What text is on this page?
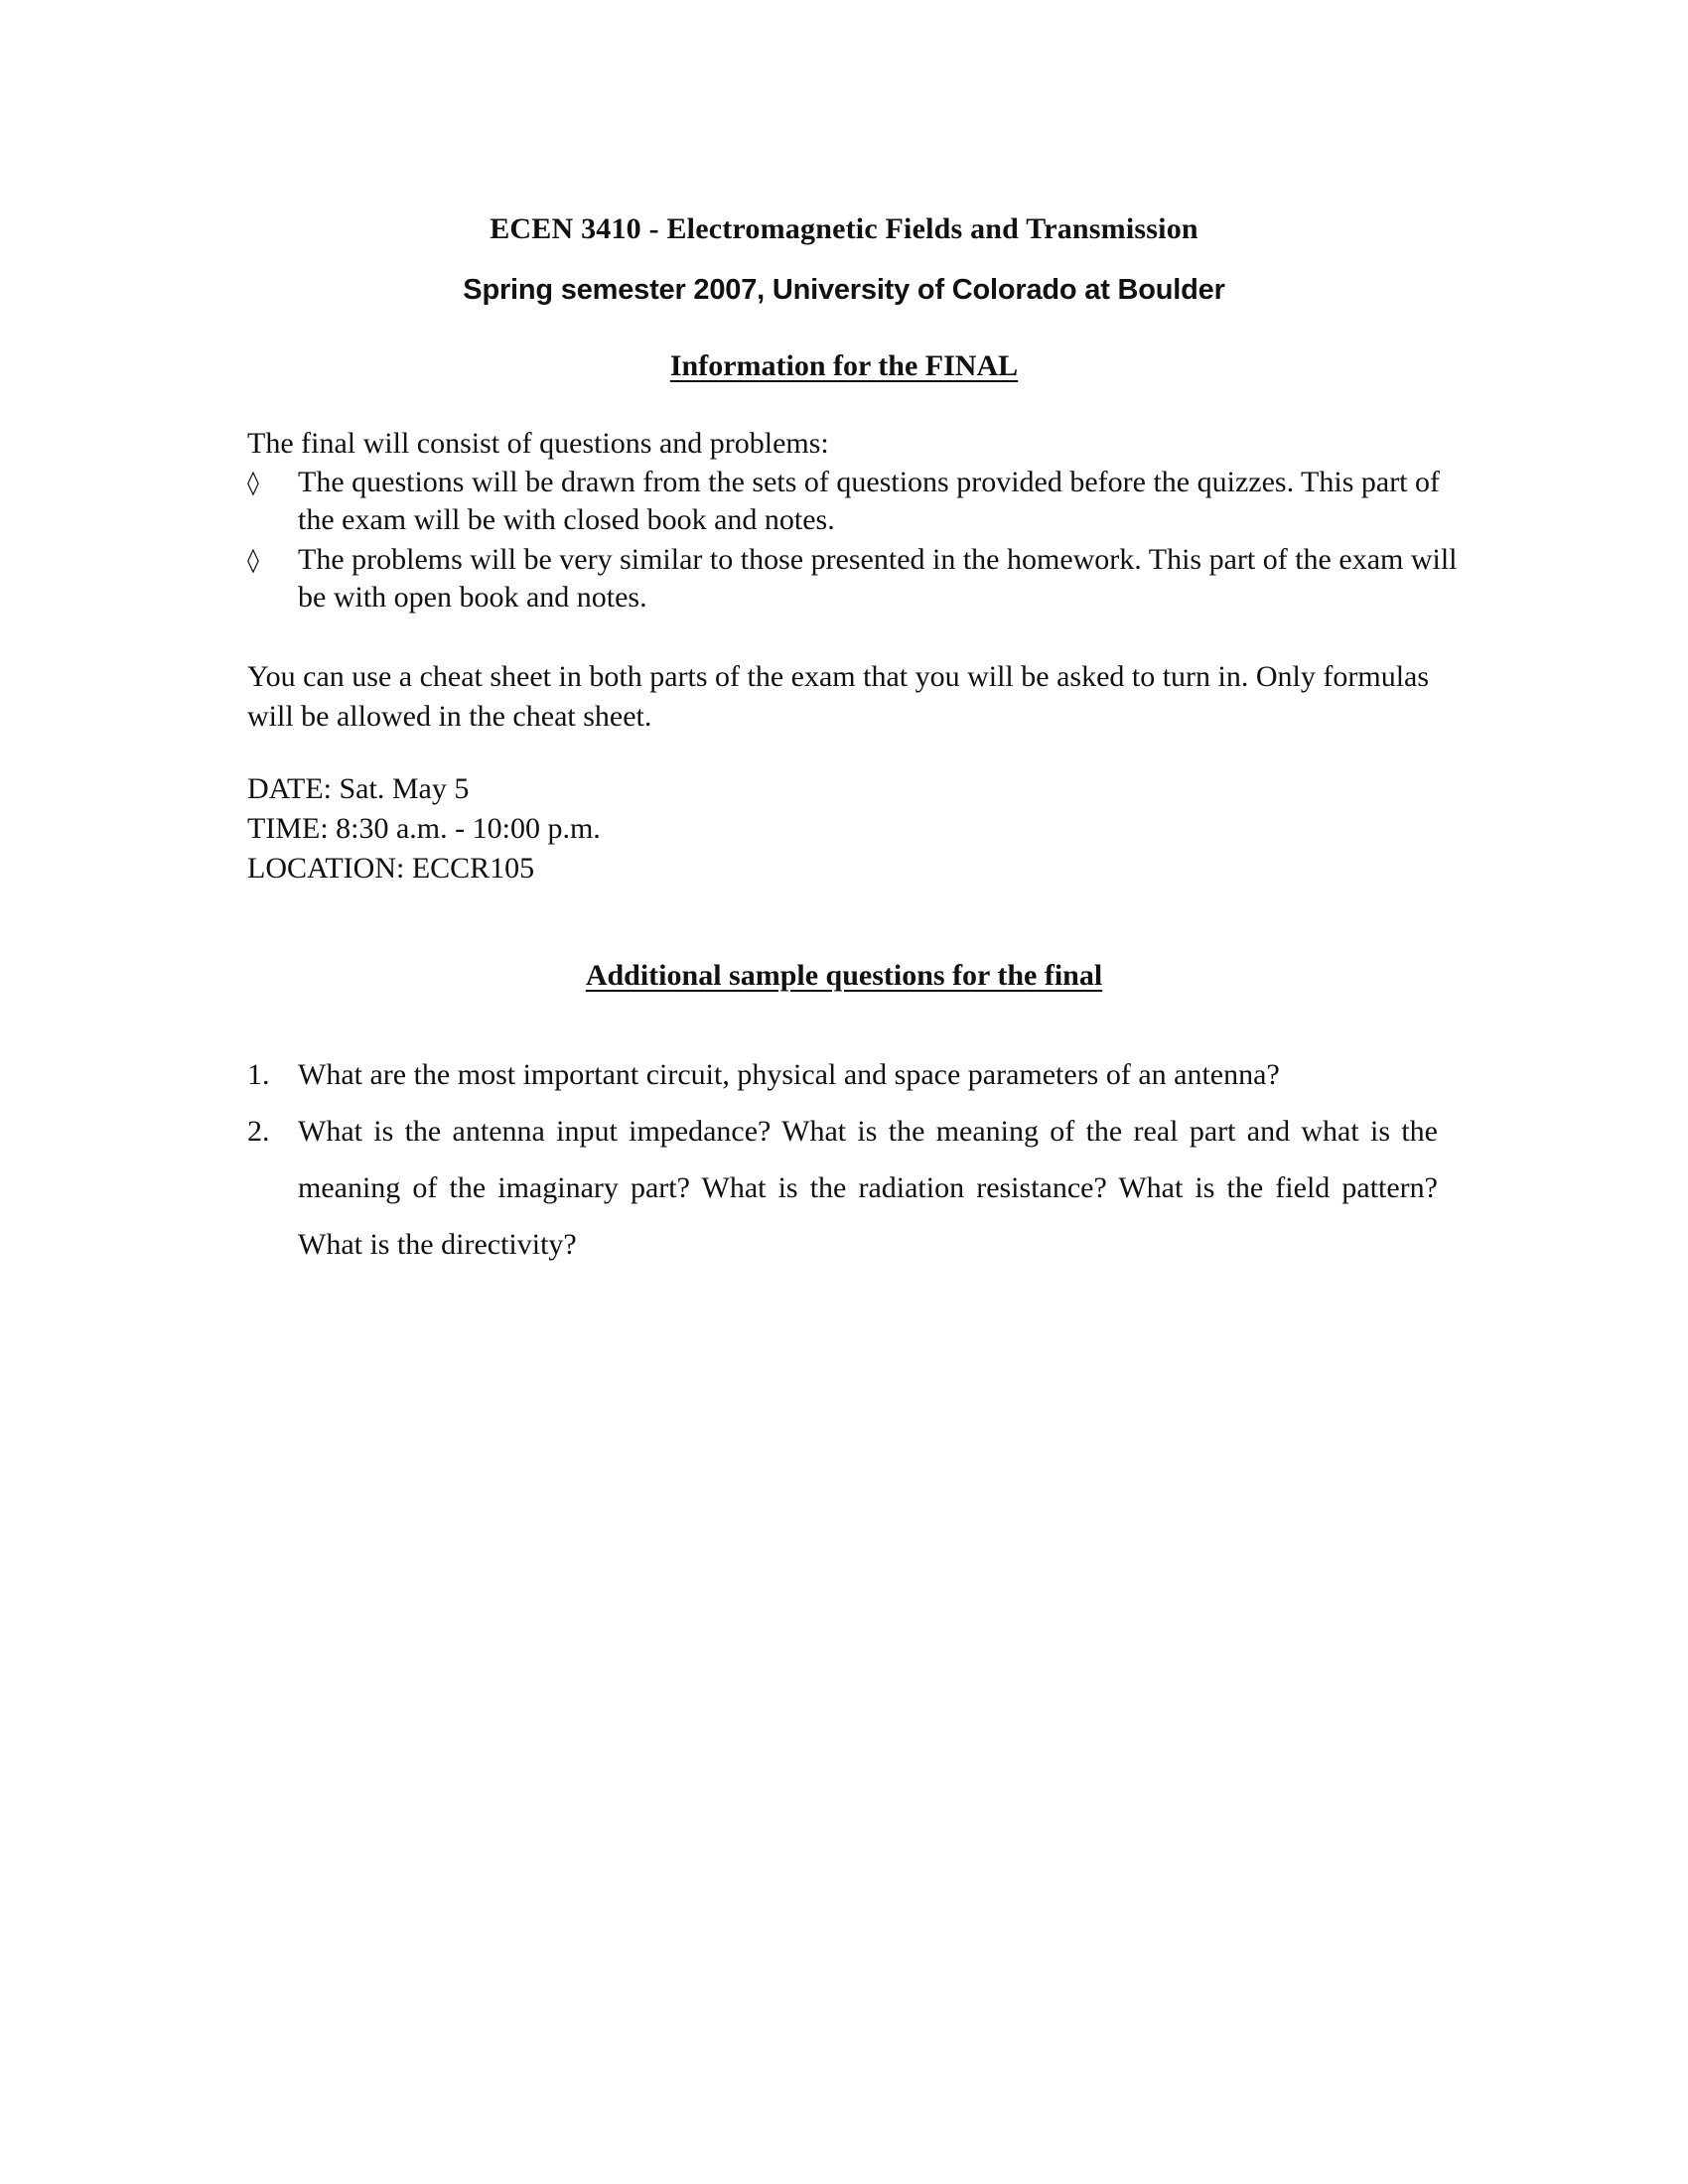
ECEN 3410 - Electromagnetic Fields and Transmission
Spring semester 2007, University of Colorado at Boulder
Information for the FINAL
The final will consist of questions and problems:
◊ The questions will be drawn from the sets of questions provided before the quizzes. This part of the exam will be with closed book and notes.
◊ The problems will be very similar to those presented in the homework. This part of the exam will be with open book and notes.
You can use a cheat sheet in both parts of the exam that you will be asked to turn in. Only formulas will be allowed in the cheat sheet.
DATE: Sat. May 5
TIME: 8:30 a.m. - 10:00 p.m.
LOCATION: ECCR105
Additional sample questions for the final
1. What are the most important circuit, physical and space parameters of an antenna?
2. What is the antenna input impedance? What is the meaning of the real part and what is the meaning of the imaginary part? What is the radiation resistance? What is the field pattern? What is the directivity?
